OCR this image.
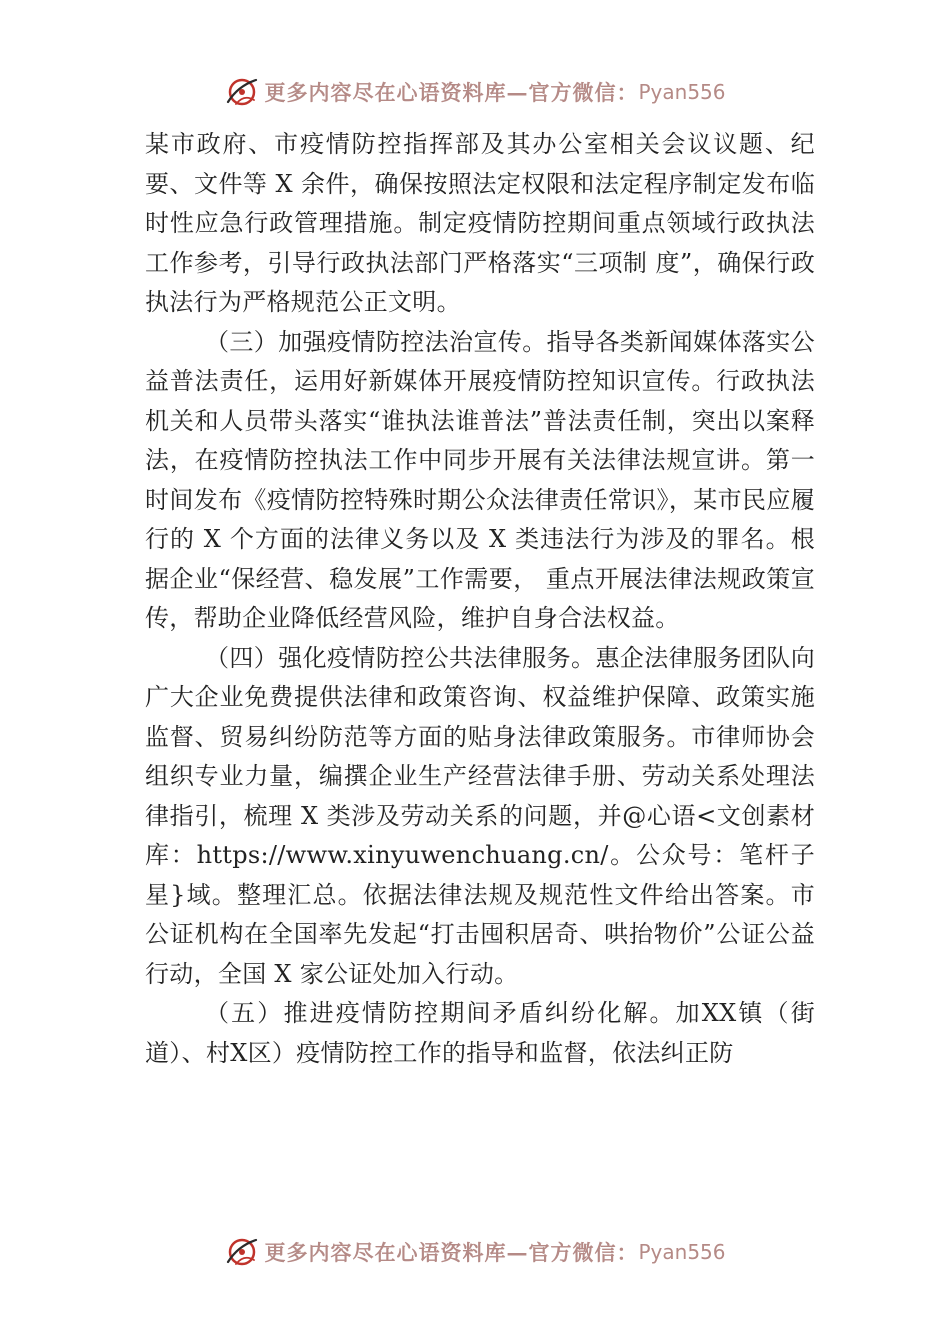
更多内容尽在心语资料库—官方微信： Pyan556

某市政府、市疫情防控指挥部及其办公室相关会议议题、纪要、文件等 X 余件，确保按照法定权限和法定程序制定发布临时性应急行政管理措施。制定疫情防控期间重点领域行政执法工作参考，引导行政执法部门严格落实“三项制 度”，确保行政执法行为严格规范公正文明。

（三）加强疫情防控法治宣传。指导各类新闻媒体落实公益普法责任，运用好新媒体开展疫情防控知识宣传。行政执法机关和人员带头落实“谁执法谁普法”普法责任制，突出以案释法，在疫情防控执法工作中同步开展有关法律法规宣讲。第一时间发布《疫情防控特殊时期公众法律责任常识》，某市民应履行的 X 个方面的法律义务以及 X 类违法行为涉及的罪名。根据企业“保经营、稳发展”工作需要， 重点开展法律法规政策宣传，帮助企业降低经营风险，维护自身合法权益。

（四）强化疫情防控公共法律服务。惠企法律服务团队向广大企业免费提供法律和政策咨询、权益维护保障、政策实施监督、贸易纠纷防范等方面的贴身法律政策服务。市律师协会组织专业力量，编撰企业生产经营法律手册、劳动关系处理法律指引，梳理 X 类涉及劳动关系的问题，并@心语<文创素材库：https://www.xinyuwenchuang.cn/。公众号：笔杆子星}域。整理汇总。依据法律法规及规范性文件给出答案。市公证机构在全国率先发起“打击囤积居奇、哄抬物价”公证公益行动，全国 X 家公证处加入行动。

（五）推进疫情防控期间矛盾纠纷化解。加XX镇（街道）、村X区）疫情防控工作的指导和监督，依法纠正防

更多内容尽在心语资料库—官方微信： Pyan556
